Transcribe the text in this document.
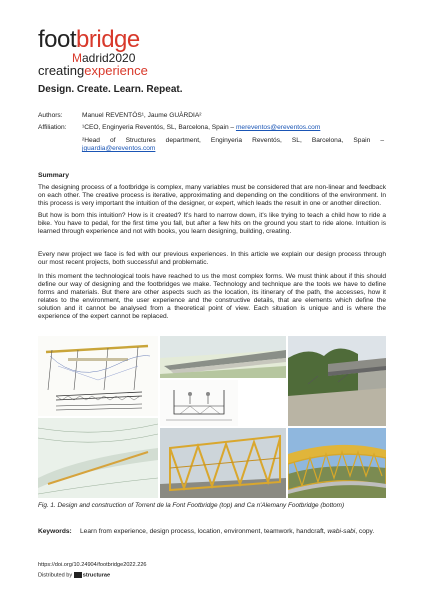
footbridge
Madrid2020
creatingexperience
Design. Create. Learn. Repeat.
Authors:	Manuel REVENTÓS¹, Jaume GUÀRDIA²
Affiliation: ¹CEO, Enginyeria Reventós, SL, Barcelona, Spain – mereventos@ereventos.com
²Head of Structures department, Enginyeria Reventós, SL, Barcelona, Spain – jguardia@ereventos.com
Summary
The designing process of a footbridge is complex, many variables must be considered that are non-linear and feedback on each other. The creative process is iterative, approximating and depending on the conditions of the environment. In this process is very important the intuition of the designer, or expert, which leads the result in one or another direction.
But how is born this intuition? How is it created? It's hard to narrow down, it's like trying to teach a child how to ride a bike. You have to pedal, for the first time you fall, but after a few hits on the ground you start to ride alone. Intuition is learned through experience and not with books, you learn designing, building, creating.
Every new project we face is fed with our previous experiences. In this article we explain our design process through our most recent projects, both successful and problematic.
In this moment the technological tools have reached to us the most complex forms. We must think about if this should define our way of designing and the footbridges we make. Technology and technique are the tools we have to define forms and materials. But there are other aspects such as the location, its itinerary of the path, the accesses, how it relates to the environment, the user experience and the constructive details, that are elements which define the solution and it cannot be analysed from a theoretical point of view. Each situation is unique and is where the experience of the expert cannot be replaced.
Fig. 1. Design and construction of Torrent de la Font Footbridge (top) and Ca n'Alemany Footbridge (bottom)
Keywords: Learn from experience, design process, location, environment, teamwork, handcraft, wabi-sabi, copy.
https://doi.org/10.24904/footbridge2022.226
Distributed by structurae
